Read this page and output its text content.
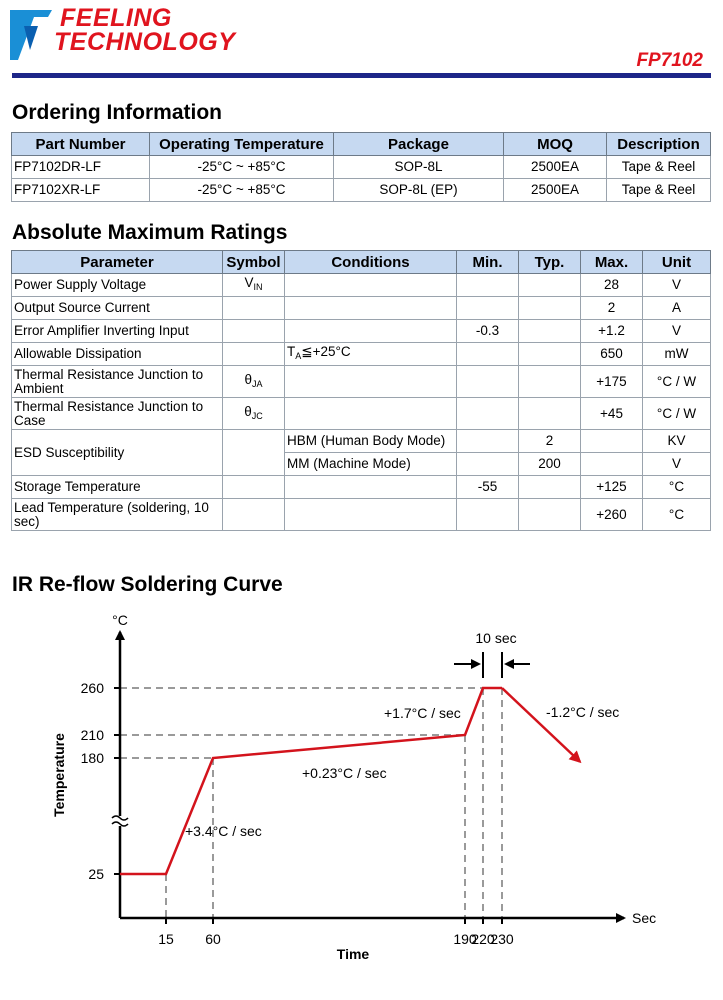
FEELING
TECHNOLOGY
FP7102
Ordering Information
Part Number	Operating Temperature	Package	MOQ	Description
FP7102DR-LF	-25°C ~ +85°C	SOP-8L	2500EA	Tape & Reel
FP7102XR-LF	-25°C ~ +85°C	SOP-8L (EP)	2500EA	Tape & Reel
Absolute Maximum Ratings
Parameter	Symbol	Conditions	Min.	Typ.	Max.	Unit
Power Supply Voltage	$V_{IN}$				28	V
Output Source Current					2	A
Error Amplifier Inverting Input			-0.3		+1.2	V
Allowable Dissipation		$T_A≦+25^\circ C$			650	mW
Thermal Resistance Junction to Ambient	$\theta_{JA}$				+175	°C / W
Thermal Resistance Junction to Case	$\theta_{JC}$				+45	°C / W
ESD Susceptibility		HBM (Human Body Mode)		2		KV
		MM (Machine Mode)		200		V
Storage Temperature			-55		+125	°C
Lead Temperature (soldering, 10 sec)					+260	°C
IR Re-flow Soldering Curve
°C
Sec
Temperature
Time
260
210
180
25
15 60	190
220
230
10 sec
+3.4°C / sec
+0.23°C / sec
+1.7°C / sec	-1.2°C / sec
